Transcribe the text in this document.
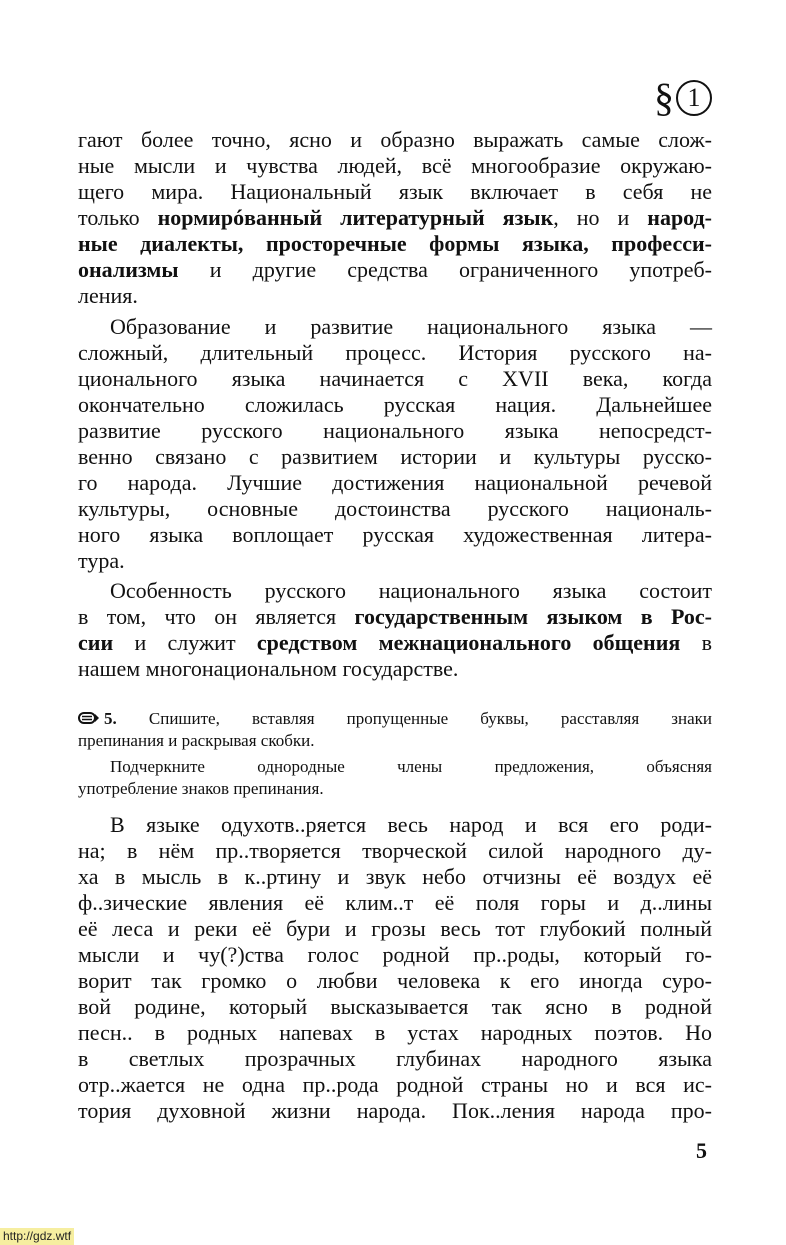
§ 1
гают более точно, ясно и образно выражать самые слож-
ные мысли и чувства людей, всё многообразие окружаю-
щего мира. Национальный язык включает в себя не
только нормирóванный литературный язык, но и народ-
ные диалекты, просторечные формы языка, професси-
онализмы и другие средства ограниченного употреб-
ления.
Образование и развитие национального языка —
сложный, длительный процесс. История русского на-
ционального языка начинается с XVII века, когда
окончательно сложилась русская нация. Дальнейшее
развитие русского национального языка непосредст-
венно связано с развитием истории и культуры русско-
го народа. Лучшие достижения национальной речевой
культуры, основные достоинства русского националь-
ного языка воплощает русская художественная литера-
тура.
Особенность русского национального языка состоит
в том, что он является государственным языком в Рос-
сии и служит средством межнационального общения в
нашем многонациональном государстве.
5. Спишите, вставляя пропущенные буквы, расставляя знаки
препинания и раскрывая скобки.
Подчеркните однородные члены предложения, объясняя
употребление знаков препинания.
В языке одухотв..ряется весь народ и вся его роди-
на; в нём пр..творяется творческой силой народного ду-
ха в мысль в к..ртину и звук небо отчизны её воздух её
ф..зические явления её клим..т её поля горы и д..лины
её леса и реки её бури и грозы весь тот глубокий полный
мысли и чу(?)ства голос родной пр..роды, который го-
ворит так громко о любви человека к его иногда суро-
вой родине, который высказывается так ясно в родной
песн.. в родных напевах в устах народных поэтов. Но
в светлых прозрачных глубинах народного языка
отр..жается не одна пр..рода родной страны но и вся ис-
тория духовной жизни народа. Пок..ления народа про-
5
http://gdz.wtf
